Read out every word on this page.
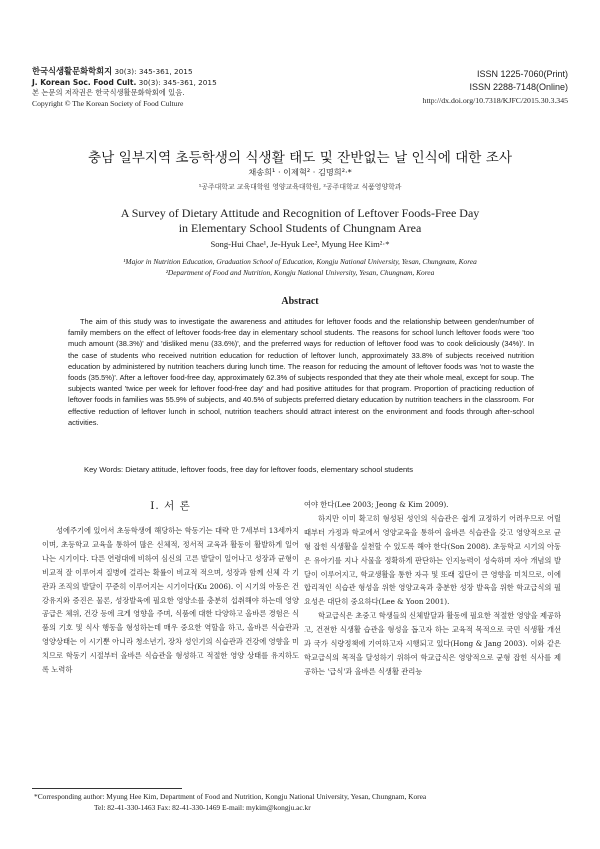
한국식생활문화학회지 30(3): 345-361, 2015
J. Korean Soc. Food Cult. 30(3): 345-361, 2015
본 논문의 저작권은 한국식생활문화학회에 있음.
Copyright © The Korean Society of Food Culture
ISSN 1225-7060(Print)
ISSN 2288-7148(Online)
http://dx.doi.org/10.7318/KJFC/2015.30.3.345
충남 일부지역 초등학생의 식생활 태도 및 잔반없는 날 인식에 대한 조사
채송희¹ · 이제혁² · 김명희²·*
¹공주대학교 교육대학원 영양교육대학원, ²공주대학교 식품영양학과
A Survey of Dietary Attitude and Recognition of Leftover Foods-Free Day
in Elementary School Students of Chungnam Area
Song-Hui Chae¹, Je-Hyuk Lee², Myung Hee Kim²·*
¹Major in Nutrition Education, Graduation School of Education, Kongju National University, Yesan, Chungnam, Korea
²Department of Food and Nutrition, Kongju National University, Yesan, Chungnam, Korea
Abstract
The aim of this study was to investigate the awareness and attitudes for leftover foods and the relationship between gender/number of family members on the effect of leftover foods-free day in elementary school students. The reasons for school lunch leftover foods were 'too much amount (38.3%)' and 'disliked menu (33.6%)', and the preferred ways for reduction of leftover food was 'to cook deliciously (34%)'. In the case of students who received nutrition education for reduction of leftover lunch, approximately 33.8% of subjects received nutrition education by administered by nutrition teachers during lunch time. The reason for reducing the amount of leftover foods was 'not to waste the foods (35.5%)'. After a leftover food-free day, approximately 62.3% of subjects responded that they ate their whole meal, except for soup. The subjects wanted 'twice per week for leftover food-free day' and had positive attitudes for that program. Proportion of practicing reduction of leftover foods in families was 55.9% of subjects, and 40.5% of subjects preferred dietary education by nutrition teachers in the classroom. For effective reduction of leftover lunch in school, nutrition teachers should attract interest on the environment and foods through after-school activities.
Key Words: Dietary attitude, leftover foods, free day for leftover foods, elementary school students
Ⅰ. 서 론

성에주기에 있어서 초등학생에 해당하는 학동기는 대략 만 7세부터 13세까지이며, 초등학교 교육을 통하여 많은 신체적, 정서적 교육과 활동이 활발하게 일어나는 시기이다. 다른 연령대에 비하여 심신의 고른 발달이 일어나고 성장과 균형이 비교적 잘 이루어져 질병에 걸리는 확률이 비교적 적으며, 성장과 함께 신체 각 기관과 조직의 발달이 꾸준히 이루어지는 시기이다(Ku 2006). 이 시기의 아동은 건강유지와 증진은 물론, 성장발육에 필요한 영양소를 충분히 섭취해야 하는데 영양공급은 체위, 건강 등에 크게 영향을 주며, 식품에 대한 다양하고 올바른 경험은 식품의 기호 및 식사 행동을 형성하는데 매우 중요한 역할을 하고, 올바른 식습관과 영양상태는 이 시기뿐 아니라 청소년기, 장차 성인기의 식습관과 건강에 영향을 미치므로 학동기 시절부터 올바른 식습관을 형성하고 적절한 영양 상태를 유지하도록 노력하

여야 한다(Lee 2003; Jeong & Kim 2009).

하지만 이미 확고히 형성된 성인의 식습관은 쉽게 교정하기 어려우므로 어릴 때부터 가정과 학교에서 영양교육을 통하여 올바른 식습관을 갖고 영양적으로 균형 잡힌 식생활을 실천할 수 있도록 해야 한다(Son 2008). 초등학교 시기의 아동은 유아기를 지나 사물을 정확하게 판단하는 인지능력이 성숙하며 자아 개념의 발달이 이루어지고, 학교생활을 통한 자극 및 또래 집단이 큰 영향을 미치므로, 이에 합리적인 식습관 형성을 위한 영양교육과 충분한 성장 발육을 위한 학교급식의 필요성은 대단히 중요하다(Lee & Yoon 2001).

학교급식은 초중고 학생들의 신체발달과 활동에 필요한 적절한 영양을 제공하고, 건전한 식생활 습관을 형성을 돕고자 하는 교육적 목적으로 국민 식생활 개선과 국가 식량정책에 기여하고자 시행되고 있다(Hong & Jang 2003). 이와 같은 학교급식의 목적을 달성하기 위하여 학교급식은 영양적으로 균형 잡힌 식사를 제공하는 '급식'과 올바른 식생활 관리능

*Corresponding author: Myung Hee Kim, Department of Food and Nutrition, Kongju National University, Yesan, Chungnam, Korea
Tel: 82-41-330-1463 Fax: 82-41-330-1469 E-mail: mykim@kongju.ac.kr
